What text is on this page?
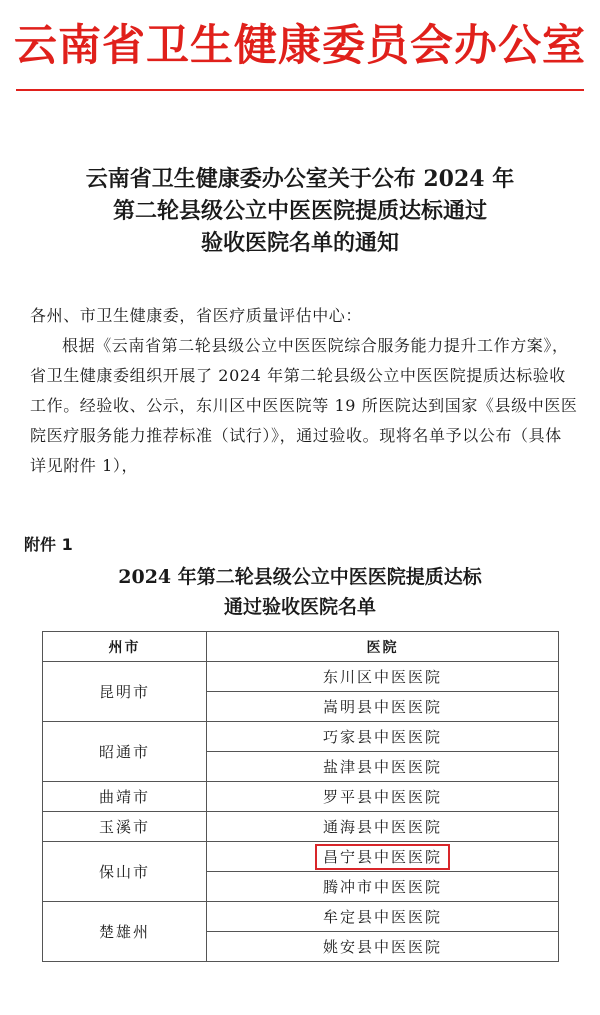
云南省卫生健康委员会办公室
云南省卫生健康委办公室关于公布 2024 年
第二轮县级公立中医医院提质达标通过
验收医院名单的通知

各州、市卫生健康委，省医疗质量评估中心：

根据《云南省第二轮县级公立中医医院综合服务能力提升工作方案》，省卫生健康委组织开展了 2024 年第二轮县级公立中医医院提质达标验收工作。经验收、公示，东川区中医医院等 19 所医院达到国家《县级中医医院医疗服务能力推荐标准（试行）》，通过验收。现将名单予以公布（具体详见附件 1），

附件 1
2024 年第二轮县级公立中医医院提质达标
通过验收医院名单
州市	医院
昆明市	东川区中医医院
	嵩明县中医医院
昭通市	巧家县中医医院
	盐津县中医医院
曲靖市	罗平县中医医院
玉溪市	通海县中医医院
保山市	昌宁县中医医院
	腾冲市中医医院
楚雄州	牟定县中医医院
	姚安县中医医院
